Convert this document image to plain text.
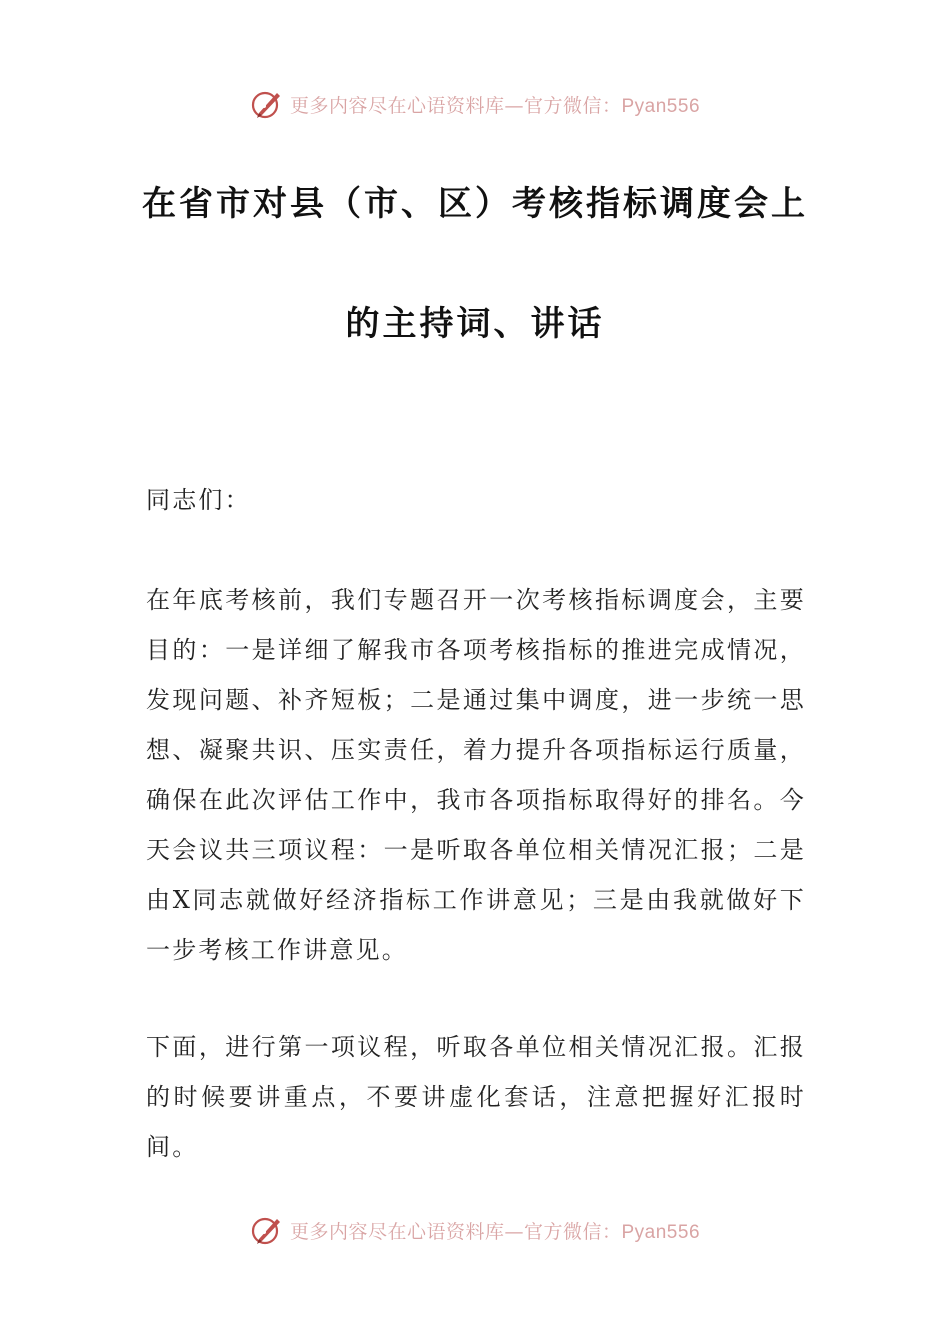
更多内容尽在心语资料库—官方微信：Pyan556
在省市对县（市、区）考核指标调度会上
的主持词、讲话
同志们：
在年底考核前，我们专题召开一次考核指标调度会，主要目的：一是详细了解我市各项考核指标的推进完成情况，发现问题、补齐短板；二是通过集中调度，进一步统一思想、凝聚共识、压实责任，着力提升各项指标运行质量，确保在此次评估工作中，我市各项指标取得好的排名。今天会议共三项议程：一是听取各单位相关情况汇报；二是由X同志就做好经济指标工作讲意见；三是由我就做好下一步考核工作讲意见。
下面，进行第一项议程，听取各单位相关情况汇报。汇报的时候要讲重点，不要讲虚化套话，注意把握好汇报时间。
更多内容尽在心语资料库—官方微信：Pyan556
